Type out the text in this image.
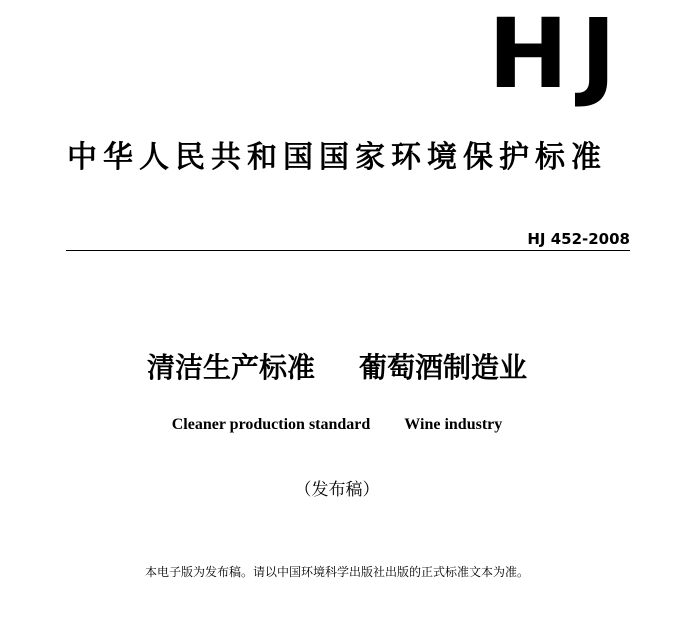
HJ
中华人民共和国国家环境保护标准
HJ 452-2008
清洁生产标准 葡萄酒制造业
Cleaner production standard Wine industry
（发布稿）
本电子版为发布稿。请以中国环境科学出版社出版的正式标准文本为准。
